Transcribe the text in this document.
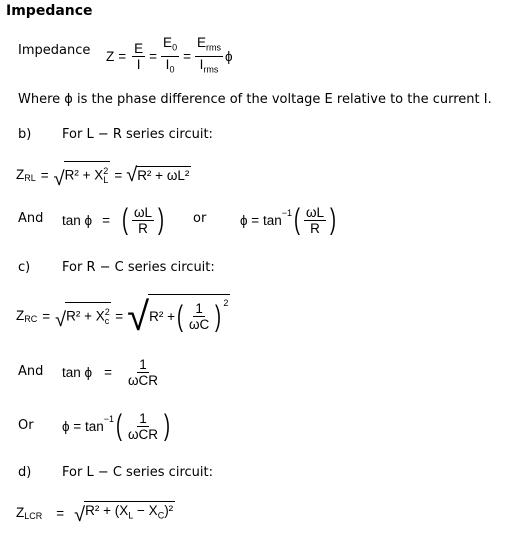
Impedance
Impedance $Z = \frac{E}{I} = \frac{E_0}{I_0} = \frac{E_{rms}}{I_{rms}}$ ϕ
Where ϕ is the phase difference of the voltage E relative to the current I.
b) For L − R series circuit:
ZRL = √ $R^2 + X^2_L$ = √ R² + ωL²
And tan ϕ = ( $\frac{\omega L}{R}$ ) or $\phi = \tan^{-1}$ ( $\frac{\omega L}{R}$ )
c) For R − C series circuit:
ZRC = √ $R^2 + X^2_c$ = √ R² + ( $\frac{1}{\omega C} )^2$
And $\tan \phi = \frac{1}{\text{ωCR}}$
Or $\phi = \tan^{-1}$ ( $\frac{1}{\text{ωCR}}$ )
d) For L − C series circuit:
ZLCR = √ $R^2 + (X_L - X_C)^2$
